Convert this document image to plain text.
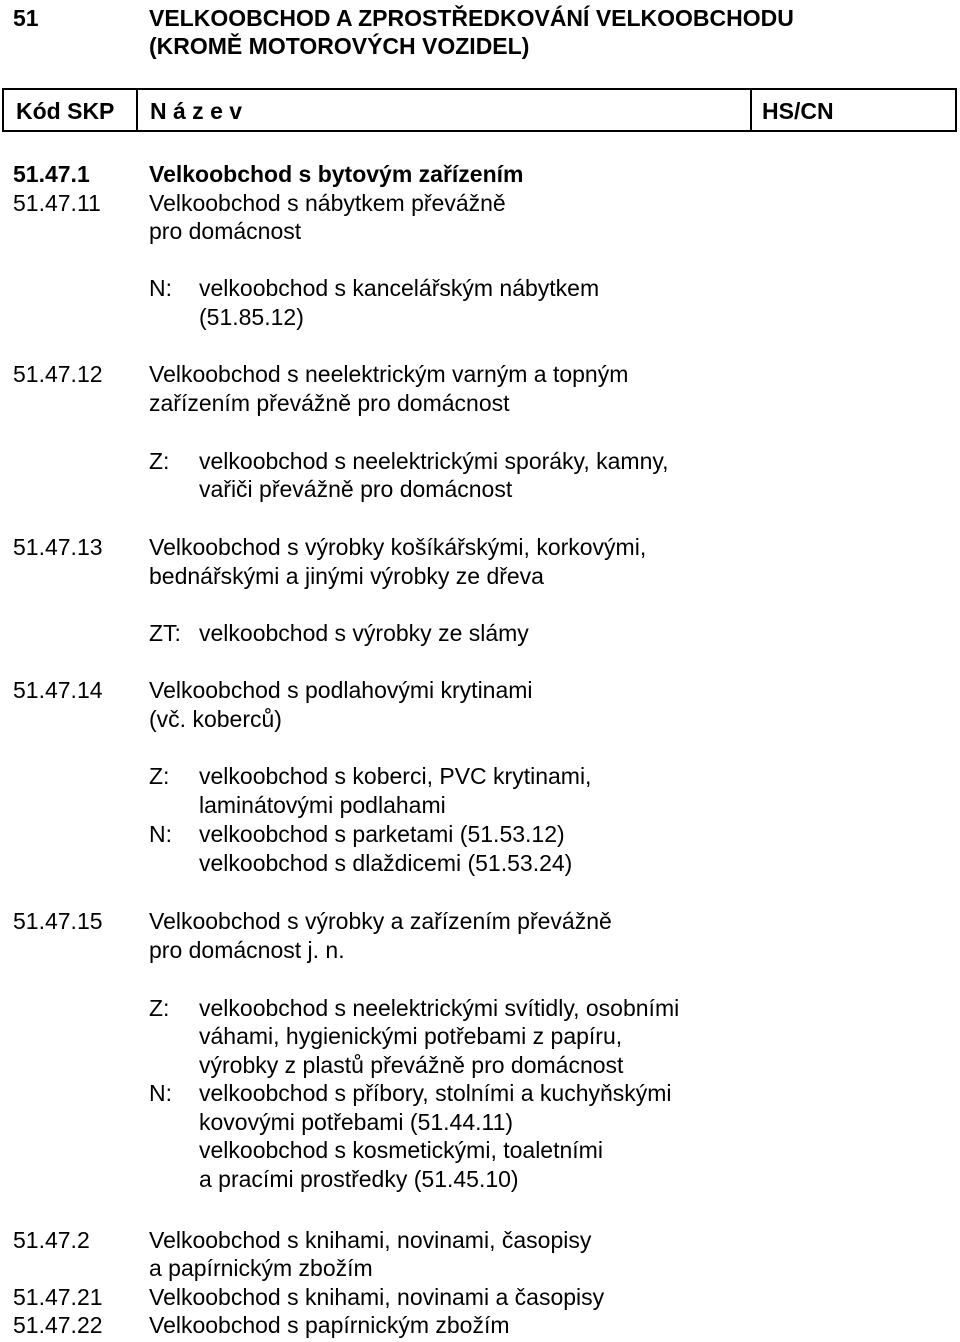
51	VELKOOBCHOD A ZPROSTŘEDKOVÁNÍ VELKOOBCHODU
(KROMĚ MOTOROVÝCH VOZIDEL)
Kód SKP	N á z e v	HS/CN
51.47.1	Velkoobchod s bytovým zařízením
51.47.11 Velkoobchod s nábytkem převážně
pro domácnost
N: velkoobchod s kancelářským nábytkem
(51.85.12)
51.47.12 Velkoobchod s neelektrickým varným a topným
zařízením převážně pro domácnost
Z: velkoobchod s neelektrickými sporáky, kamny,
vařiči převážně pro domácnost
51.47.13 Velkoobchod s výrobky košíkářskými, korkovými,
bednářskými a jinými výrobky ze dřeva
ZT: velkoobchod s výrobky ze slámy
51.47.14 Velkoobchod s podlahovými krytinami
(vč. koberců)
Z: velkoobchod s koberci, PVC krytinami,
laminátovými podlahami
N: velkoobchod s parketami (51.53.12)
velkoobchod s dlaždicemi (51.53.24)
51.47.15 Velkoobchod s výrobky a zařízením převážně
pro domácnost j. n.
Z: velkoobchod s neelektrickými svítidly, osobními
váhami, hygienickými potřebami z papíru,
výrobky z plastů převážně pro domácnost
N: velkoobchod s příbory, stolními a kuchyňskými
kovovými potřebami (51.44.11)
velkoobchod s kosmetickými, toaletními
a pracími prostředky (51.45.10)
51.47.2	Velkoobchod s knihami, novinami, časopisy
a papírnickým zbožím
51.47.21 Velkoobchod s knihami, novinami a časopisy
51.47.22 Velkoobchod s papírnickým zbožím
